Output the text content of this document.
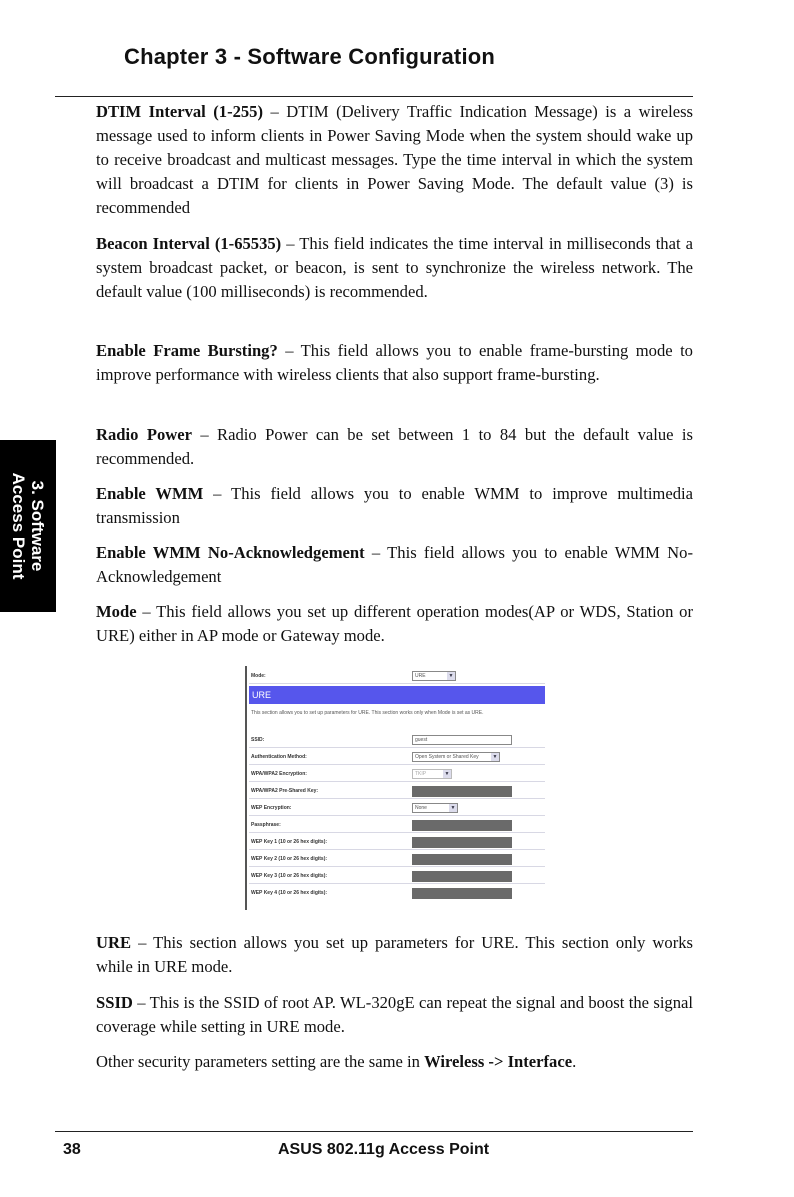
Chapter 3 - Software Configuration
3. Software
Access Point
DTIM Interval (1-255) – DTIM (Delivery Traffic Indication Message) is a wireless message used to inform clients in Power Saving Mode when the system should wake up to receive broadcast and multicast messages. Type the time interval in which the system will broadcast a DTIM for clients in Power Saving Mode. The default value (3) is recommended
Beacon Interval (1-65535) – This field indicates the time interval in milliseconds that a system broadcast packet, or beacon, is sent to synchronize the wireless network. The default value (100 milliseconds) is recommended.
Enable Frame Bursting? – This field allows you to enable frame-bursting mode to improve performance with wireless clients that also support frame-bursting.
Radio Power – Radio Power can be set between 1 to 84 but the default value is recommended.
Enable WMM – This field allows you to enable WMM to improve multimedia transmission
Enable WMM No-Acknowledgement – This field allows you to enable WMM No-Acknowledgement
Mode – This field allows you set up different operation modes(AP or WDS, Station or URE) either in AP mode or Gateway mode.
Mode:	URE	▼
URE
This section allows you to set up parameters for URE. This section works only when Mode is set as URE.
SSID:	guest
Authentication Method:	Open System or Shared Key	▼
WPA/WPA2 Encryption:	TKIP	▼
WPA/WPA2 Pre-Shared Key:
WEP Encryption:	None	▼
Passphrase:
WEP Key 1 (10 or 26 hex digits):
WEP Key 2 (10 or 26 hex digits):
WEP Key 3 (10 or 26 hex digits):
WEP Key 4 (10 or 26 hex digits):
URE – This section allows you set up parameters for URE. This section only works while in URE mode.
SSID – This is the SSID of root AP. WL-320gE can repeat the signal and boost the signal coverage while setting in URE mode.
Other security parameters setting are the same in Wireless -> Interface.
38	ASUS 802.11g Access Point
